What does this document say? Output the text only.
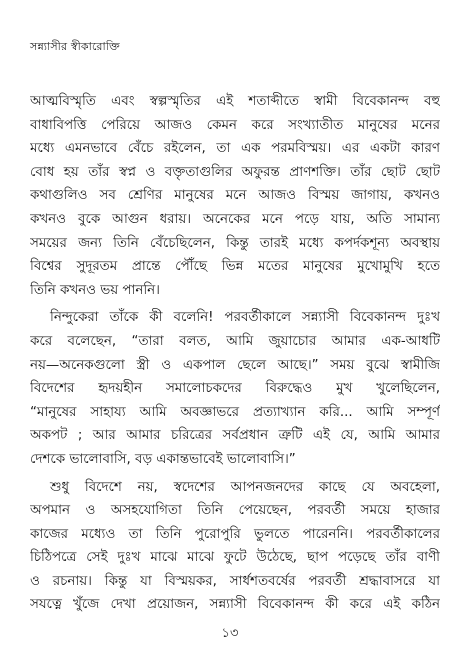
সন্ন্যাসীর স্বীকারোক্তি
আত্মবিস্মৃতি এবং স্বল্পস্মৃতির এই শতাব্দীতে স্বামী বিবেকানন্দ বহু
বাধাবিপত্তি পেরিয়ে আজও কেমন করে সংখ্যাতীত মানুষের মনের
মধ্যে এমনভাবে বেঁচে রইলেন, তা এক পরমবিস্ময়। এর একটা কারণ
বোধ হয় তাঁর স্বপ্ন ও বক্তৃতাগুলির অফুরন্ত প্রাণশক্তি। তাঁর ছোট ছোট
কথাগুলিও সব শ্রেণির মানুষের মনে আজও বিস্ময় জাগায়, কখনও
কখনও বুকে আগুন ধরায়। অনেকের মনে পড়ে যায়, অতি সামান্য
সময়ের জন্য তিনি বেঁচেছিলেন, কিন্তু তারই মধ্যে কপর্দকশূন্য অবস্থায়
বিশ্বের সুদূরতম প্রান্তে পৌঁছে ভিন্ন মতের মানুষের মুখোমুখি হতে
তিনি কখনও ভয় পাননি।
নিন্দুকেরা তাঁকে কী বলেনি! পরবর্তীকালে সন্ন্যাসী বিবেকানন্দ দুঃখ
করে বলেছেন, “তারা বলত, আমি জুয়াচোর আমার এক-আধটি
নয়—অনেকগুলো স্ত্রী ও একপাল ছেলে আছে।” সময় বুঝে স্বামীজি
বিদেশের হৃদয়হীন সমালোচকদের বিরুদ্ধেও মুখ খুলেছিলেন,
“মানুষের সাহায্য আমি অবজ্ঞাভরে প্রত্যাখ্যান করি... আমি সম্পূর্ণ
অকপট ; আর আমার চরিত্রের সর্বপ্রধান ত্রুটি এই যে, আমি আমার
দেশকে ভালোবাসি, বড় একান্তভাবেই ভালোবাসি।”
শুধু বিদেশে নয়, স্বদেশের আপনজনদের কাছে যে অবহেলা,
অপমান ও অসহযোগিতা তিনি পেয়েছেন, পরবর্তী সময়ে হাজার
কাজের মধ্যেও তা তিনি পুরোপুরি ভুলতে পারেননি। পরবর্তীকালের
চিঠিপত্রে সেই দুঃখ মাঝে মাঝে ফুটে উঠেছে, ছাপ পড়েছে তাঁর বাণী
ও রচনায়। কিন্তু যা বিস্ময়কর, সার্ধশতবর্ষের পরবর্তী শ্রদ্ধাবাসরে যা
সযত্নে খুঁজে দেখা প্রয়োজন, সন্ন্যাসী বিবেকানন্দ কী করে এই কঠিন
১৩
